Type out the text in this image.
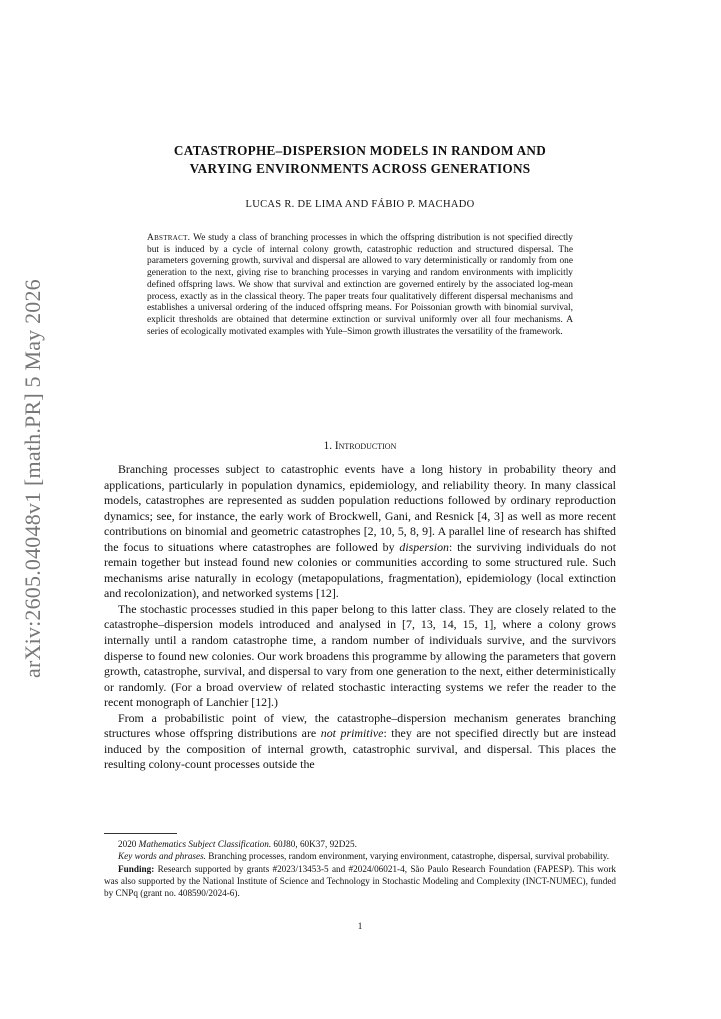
arXiv:2605.04048v1 [math.PR] 5 May 2026
CATASTROPHE–DISPERSION MODELS IN RANDOM AND
VARYING ENVIRONMENTS ACROSS GENERATIONS
LUCAS R. DE LIMA AND FÁBIO P. MACHADO
Abstract. We study a class of branching processes in which the offspring distribution is not specified directly but is induced by a cycle of internal colony growth, catastrophic reduction and structured dispersal. The parameters governing growth, survival and dispersal are allowed to vary deterministically or randomly from one generation to the next, giving rise to branching processes in varying and random environments with implicitly defined offspring laws. We show that survival and extinction are governed entirely by the associated log-mean process, exactly as in the classical theory. The paper treats four qualitatively different dispersal mechanisms and establishes a universal ordering of the induced offspring means. For Poissonian growth with binomial survival, explicit thresholds are obtained that determine extinction or survival uniformly over all four mechanisms. A series of ecologically motivated examples with Yule–Simon growth illustrates the versatility of the framework.
1. Introduction

Branching processes subject to catastrophic events have a long history in probability theory and applications, particularly in population dynamics, epidemiology, and reliability theory. In many classical models, catastrophes are represented as sudden population reductions followed by ordinary reproduction dynamics; see, for instance, the early work of Brockwell, Gani, and Resnick [4, 3] as well as more recent contributions on binomial and geometric catastrophes [2, 10, 5, 8, 9]. A parallel line of research has shifted the focus to situations where catastrophes are followed by dispersion: the surviving individuals do not remain together but instead found new colonies or communities according to some structured rule. Such mechanisms arise naturally in ecology (metapopulations, fragmentation), epidemiology (local extinction and recolonization), and networked systems [12].

The stochastic processes studied in this paper belong to this latter class. They are closely related to the catastrophe–dispersion models introduced and analysed in [7, 13, 14, 15, 1], where a colony grows internally until a random catastrophe time, a random number of individuals survive, and the survivors disperse to found new colonies. Our work broadens this programme by allowing the parameters that govern growth, catastrophe, survival, and dispersal to vary from one generation to the next, either deterministically or randomly. (For a broad overview of related stochastic interacting systems we refer the reader to the recent monograph of Lanchier [12].)

From a probabilistic point of view, the catastrophe–dispersion mechanism generates branching structures whose offspring distributions are not primitive: they are not specified directly but are instead induced by the composition of internal growth, catastrophic survival, and dispersal. This places the resulting colony-count processes outside the

2020 Mathematics Subject Classification. 60J80, 60K37, 92D25.

Key words and phrases. Branching processes, random environment, varying environment, catastrophe, dispersal, survival probability.

Funding: Research supported by grants #2023/13453-5 and #2024/06021-4, São Paulo Research Foundation (FAPESP). This work was also supported by the National Institute of Science and Technology in Stochastic Modeling and Complexity (INCT-NUMEC), funded by CNPq (grant no. 408590/2024-6).

1
